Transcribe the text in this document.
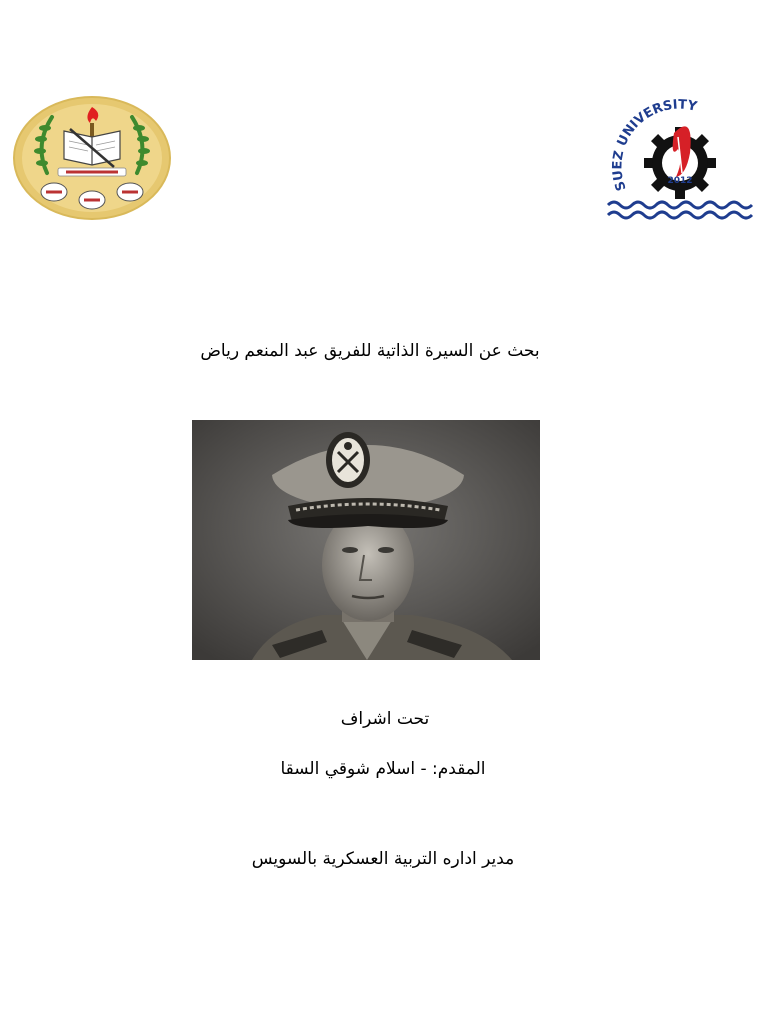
SUEZ UNIVERSITY
2012
بحث عن السيرة الذاتية للفريق عبد المنعم رياض
تحت اشراف
المقدم: - اسلام شوقي السقا
مدير اداره التربية العسكرية بالسويس
